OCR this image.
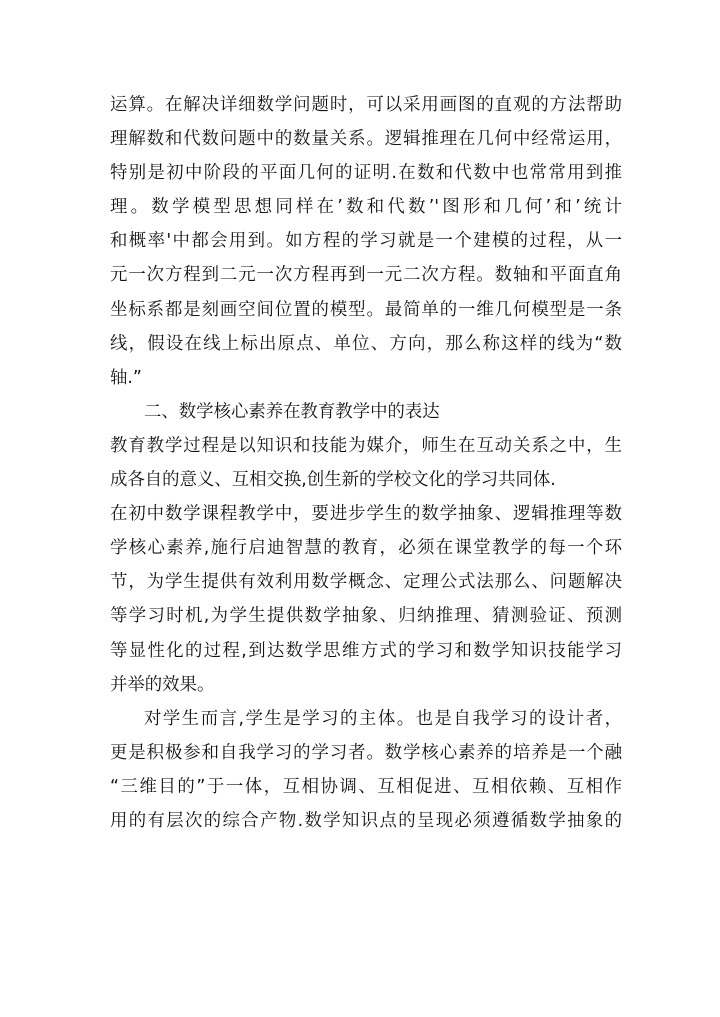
运算。在解决详细数学问题时，可以采用画图的直观的方法帮助
理解数和代数问题中的数量关系。逻辑推理在几何中经常运用，
特别是初中阶段的平面几何的证明.在数和代数中也常常用到推
理。数学模型思想同样在’数和代数’'图形和几何’和’统计
和概率'中都会用到。如方程的学习就是一个建模的过程，从一
元一次方程到二元一次方程再到一元二次方程。数轴和平面直角
坐标系都是刻画空间位置的模型。最简单的一维几何模型是一条
线，假设在线上标出原点、单位、方向，那么称这样的线为“数
轴.”
二、数学核心素养在教育教学中的表达
教育教学过程是以知识和技能为媒介，师生在互动关系之中，生
成各自的意义、互相交换,创生新的学校文化的学习共同体.
在初中数学课程教学中，要进步学生的数学抽象、逻辑推理等数
学核心素养,施行启迪智慧的教育，必须在课堂教学的每一个环
节，为学生提供有效利用数学概念、定理公式法那么、问题解决
等学习时机,为学生提供数学抽象、归纳推理、猜测验证、预测
等显性化的过程,到达数学思维方式的学习和数学知识技能学习
并举的效果。
对学生而言,学生是学习的主体。也是自我学习的设计者，
更是积极参和自我学习的学习者。数学核心素养的培养是一个融
“三维目的”于一体，互相协调、互相促进、互相依赖、互相作
用的有层次的综合产物.数学知识点的呈现必须遵循数学抽象的
